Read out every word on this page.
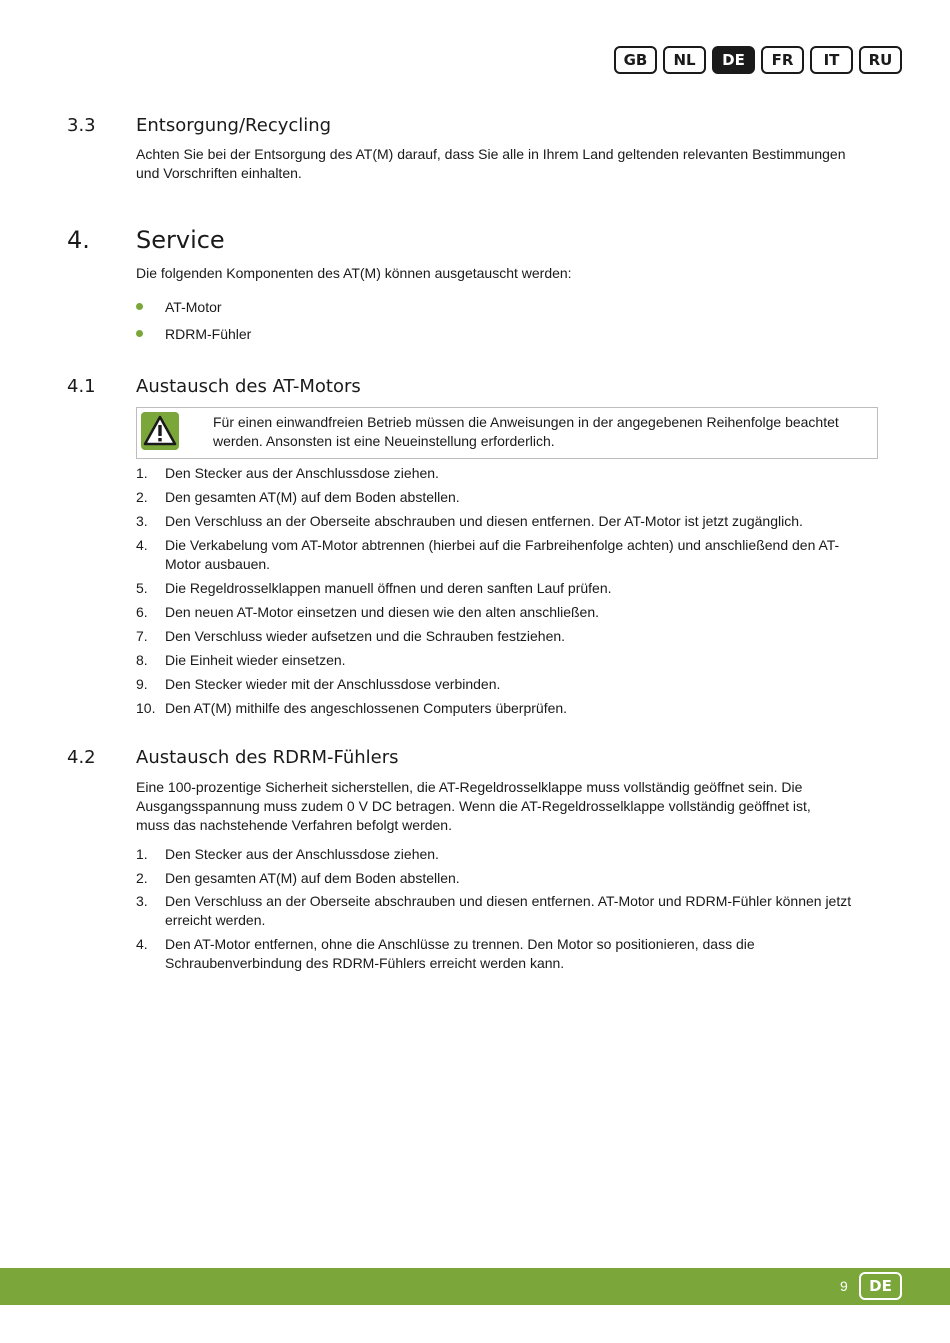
GB	NL	DE	FR	IT	RU
3.3 Entsorgung/Recycling
Achten Sie bei der Entsorgung des AT(M) darauf, dass Sie alle in Ihrem Land geltenden relevanten Bestimmungen und Vorschriften einhalten.
4. Service
Die folgenden Komponenten des AT(M) können ausgetauscht werden:
AT-Motor
RDRM-Fühler
4.1 Austausch des AT-Motors
Für einen einwandfreien Betrieb müssen die Anweisungen in der angegebenen Reihenfolge beachtet werden. Ansonsten ist eine Neueinstellung erforderlich.
1. Den Stecker aus der Anschlussdose ziehen.
2. Den gesamten AT(M) auf dem Boden abstellen.
3. Den Verschluss an der Oberseite abschrauben und diesen entfernen. Der AT-Motor ist jetzt zugänglich.
4. Die Verkabelung vom AT-Motor abtrennen (hierbei auf die Farbreihenfolge achten) und anschließend den AT-Motor ausbauen.
5. Die Regeldrosselklappen manuell öffnen und deren sanften Lauf prüfen.
6. Den neuen AT-Motor einsetzen und diesen wie den alten anschließen.
7. Den Verschluss wieder aufsetzen und die Schrauben festziehen.
8. Die Einheit wieder einsetzen.
9. Den Stecker wieder mit der Anschlussdose verbinden.
10. Den AT(M) mithilfe des angeschlossenen Computers überprüfen.
4.2 Austausch des RDRM-Fühlers
Eine 100-prozentige Sicherheit sicherstellen, die AT-Regeldrosselklappe muss vollständig geöffnet sein. Die Ausgangsspannung muss zudem 0 V DC betragen. Wenn die AT-Regeldrosselklappe vollständig geöffnet ist, muss das nachstehende Verfahren befolgt werden.
1. Den Stecker aus der Anschlussdose ziehen.
2. Den gesamten AT(M) auf dem Boden abstellen.
3. Den Verschluss an der Oberseite abschrauben und diesen entfernen. AT-Motor und RDRM-Fühler können jetzt erreicht werden.
4. Den AT-Motor entfernen, ohne die Anschlüsse zu trennen. Den Motor so positionieren, dass die Schraubenverbindung des RDRM-Fühlers erreicht werden kann.
9	DE
